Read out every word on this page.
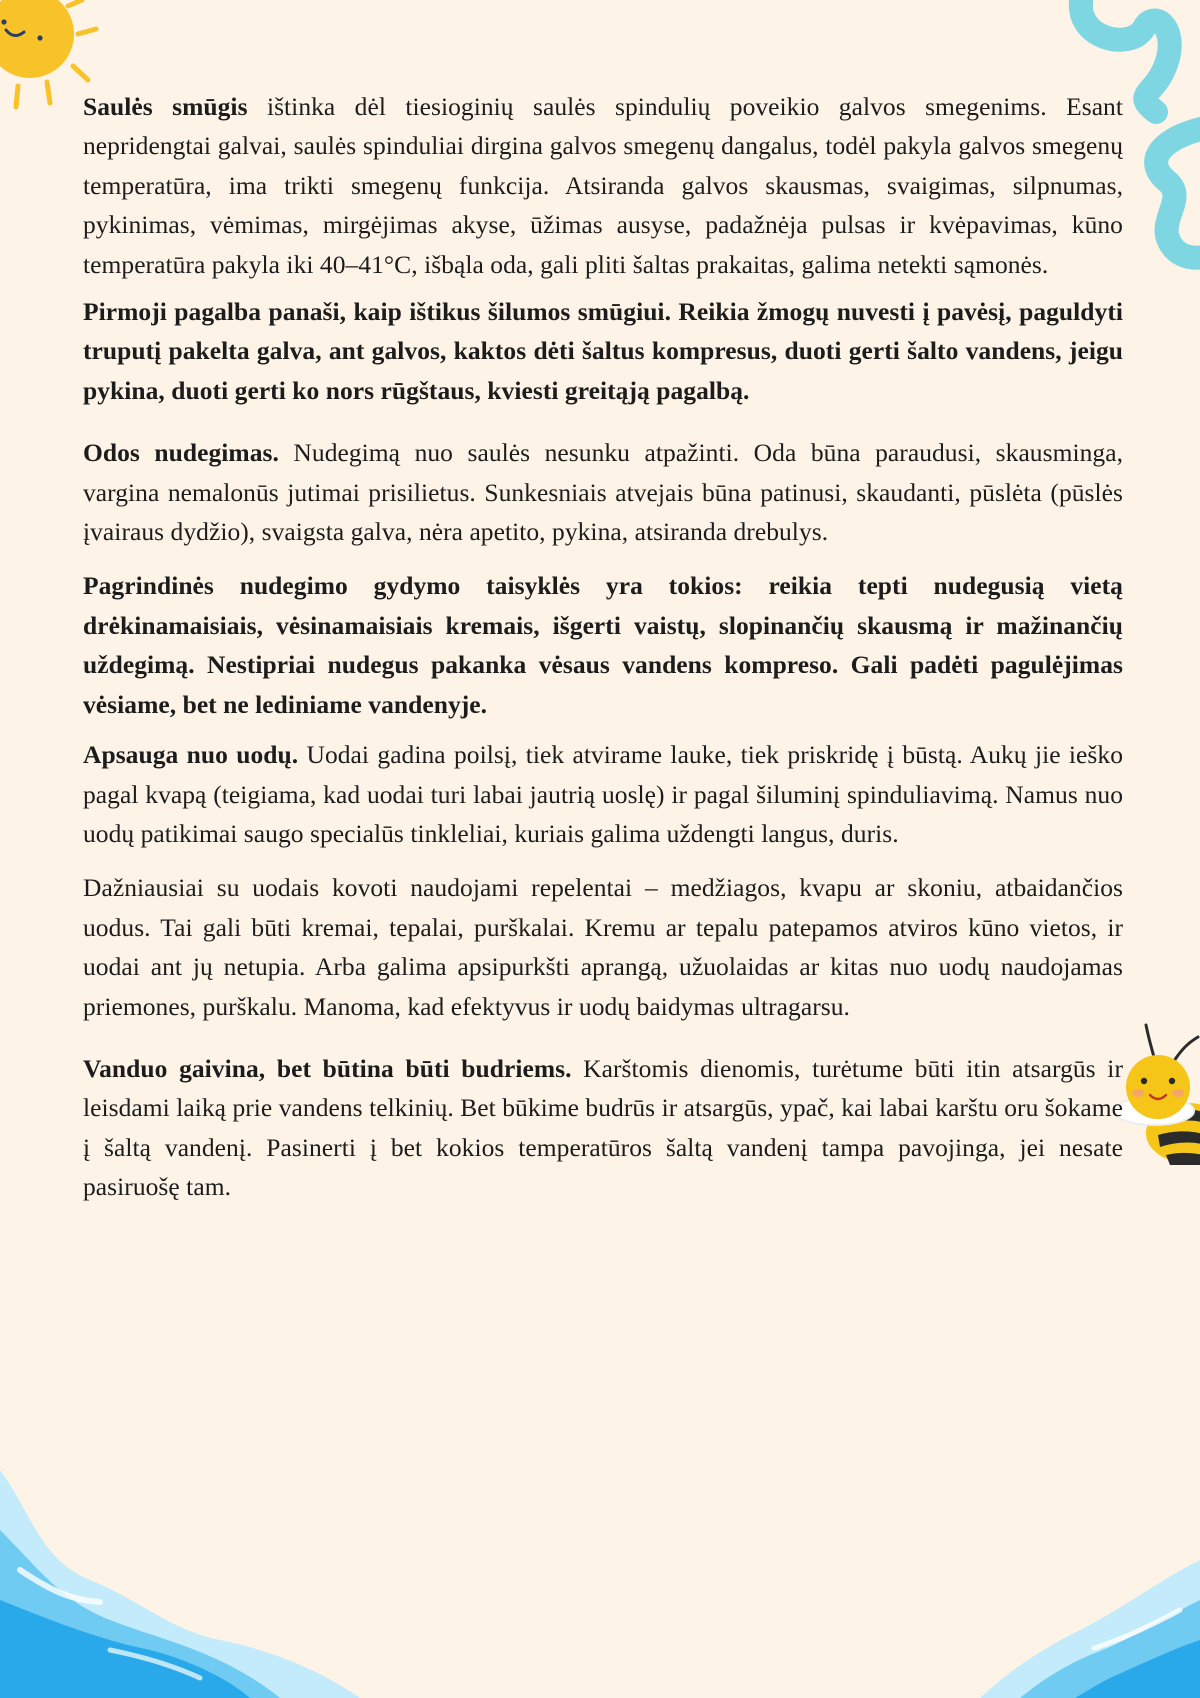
Saulės smūgis ištinka dėl tiesioginių saulės spindulių poveikio galvos smegenims. Esant nepridengtai galvai, saulės spinduliai dirgina galvos smegenų dangalus, todėl pakyla galvos smegenų temperatūra, ima trikti smegenų funkcija. Atsiranda galvos skausmas, svaigimas, silpnumas, pykinimas, vėmimas, mirgėjimas akyse, ūžimas ausyse, padažnėja pulsas ir kvėpavimas, kūno temperatūra pakyla iki 40–41°C, išbąla oda, gali pliti šaltas prakaitas, galima netekti sąmonės.

Pirmoji pagalba panaši, kaip ištikus šilumos smūgiui. Reikia žmogų nuvesti į pavėsį, paguldyti truputį pakelta galva, ant galvos, kaktos dėti šaltus kompresus, duoti gerti šalto vandens, jeigu pykina, duoti gerti ko nors rūgštaus, kviesti greitąją pagalbą.

Odos nudegimas. Nudegimą nuo saulės nesunku atpažinti. Oda būna paraudusi, skausminga, vargina nemalonūs jutimai prisilietus. Sunkesniais atvejais būna patinusi, skaudanti, pūslėta (pūslės įvairaus dydžio), svaigsta galva, nėra apetito, pykina, atsiranda drebulys.

Pagrindinės nudegimo gydymo taisyklės yra tokios: reikia tepti nudegusią vietą drėkinamaisiais, vėsinamaisiais kremais, išgerti vaistų, slopinančių skausmą ir mažinančių uždegimą. Nestipriai nudegus pakanka vėsaus vandens kompreso. Gali padėti pagulėjimas vėsiame, bet ne lediniame vandenyje.

Apsauga nuo uodų. Uodai gadina poilsį, tiek atvirame lauke, tiek priskridę į būstą. Aukų jie ieško pagal kvapą (teigiama, kad uodai turi labai jautrią uoslę) ir pagal šiluminį spinduliavimą. Namus nuo uodų patikimai saugo specialūs tinkleliai, kuriais galima uždengti langus, duris.

Dažniausiai su uodais kovoti naudojami repelentai – medžiagos, kvapu ar skoniu, atbaidančios uodus. Tai gali būti kremai, tepalai, purškalai. Kremu ar tepalu patepamos atviros kūno vietos, ir uodai ant jų netupia. Arba galima apsipurkšti aprangą, užuolaidas ar kitas nuo uodų naudojamas priemones, purškalu. Manoma, kad efektyvus ir uodų baidymas ultragarsu.

Vanduo gaivina, bet būtina būti budriems. Karštomis dienomis, turėtume būti itin atsargūs ir leisdami laiką prie vandens telkinių. Bet būkime budrūs ir atsargūs, ypač, kai labai karštu oru šokame į šaltą vandenį. Pasinerti į bet kokios temperatūros šaltą vandenį tampa pavojinga, jei nesate pasiruošę tam.
